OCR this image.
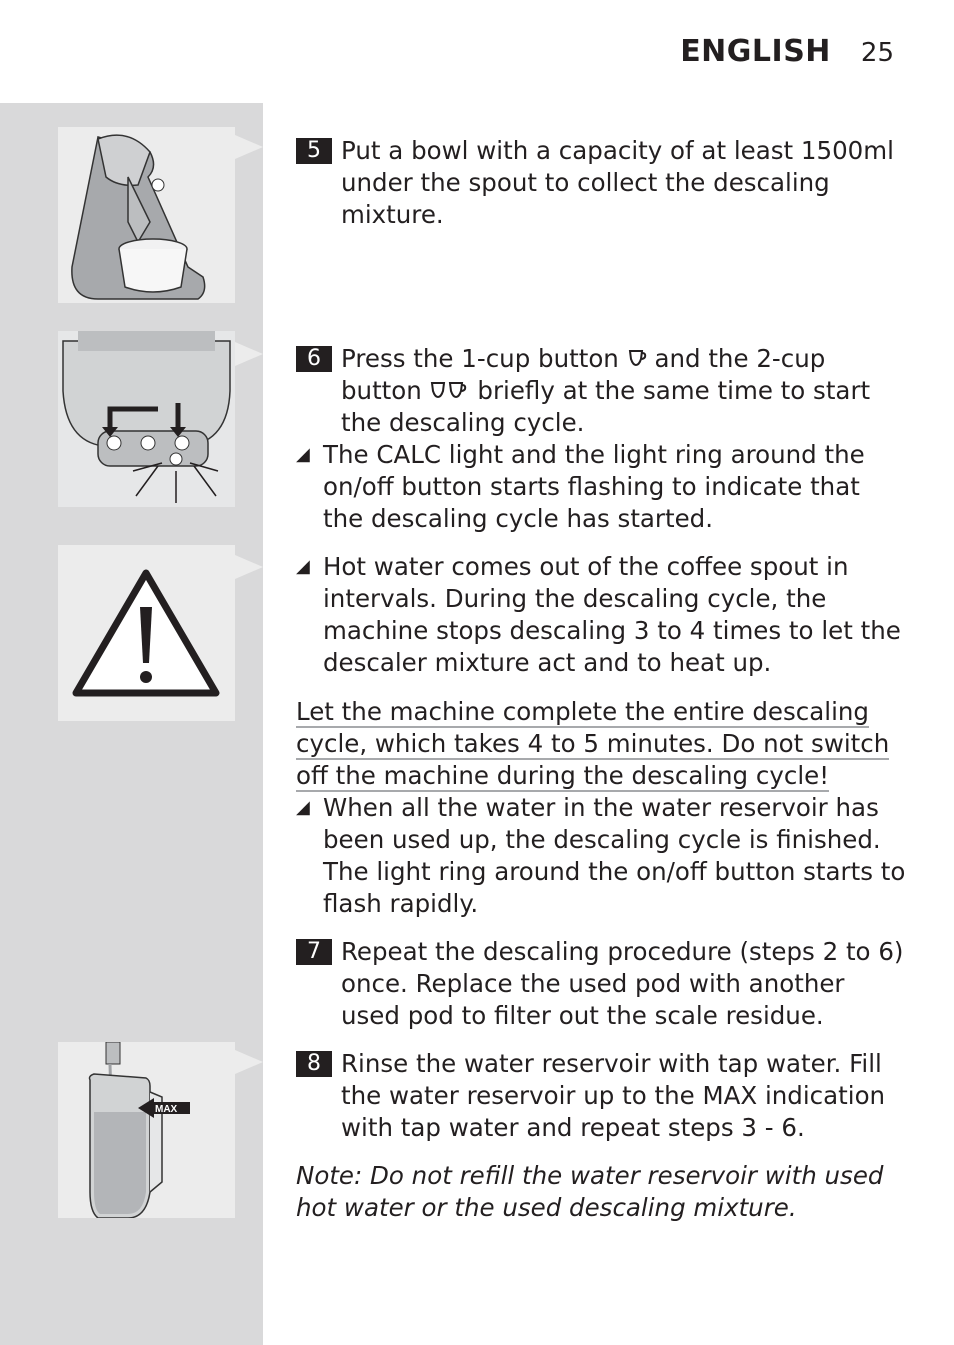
ENGLISH 25
MAX
5 Put a bowl with a capacity of at least 1500ml under the spout to collect the descaling mixture.
6 Press the 1-cup button and the 2-cup button briefly at the same time to start the descaling cycle.
◢ The CALC light and the light ring around the on/off button starts flashing to indicate that the descaling cycle has started.
◢ Hot water comes out of the coffee spout in intervals. During the descaling cycle, the machine stops descaling 3 to 4 times to let the descaler mixture act and to heat up.
Let the machine complete the entire descaling
cycle, which takes 4 to 5 minutes. Do not switch
off the machine during the descaling cycle!
◢ When all the water in the water reservoir has been used up, the descaling cycle is finished. The light ring around the on/off button starts to flash rapidly.
7 Repeat the descaling procedure (steps 2 to 6) once. Replace the used pod with another used pod to filter out the scale residue.
8 Rinse the water reservoir with tap water. Fill the water reservoir up to the MAX indication with tap water and repeat steps 3 - 6.
Note: Do not refill the water reservoir with used hot water or the used descaling mixture.
